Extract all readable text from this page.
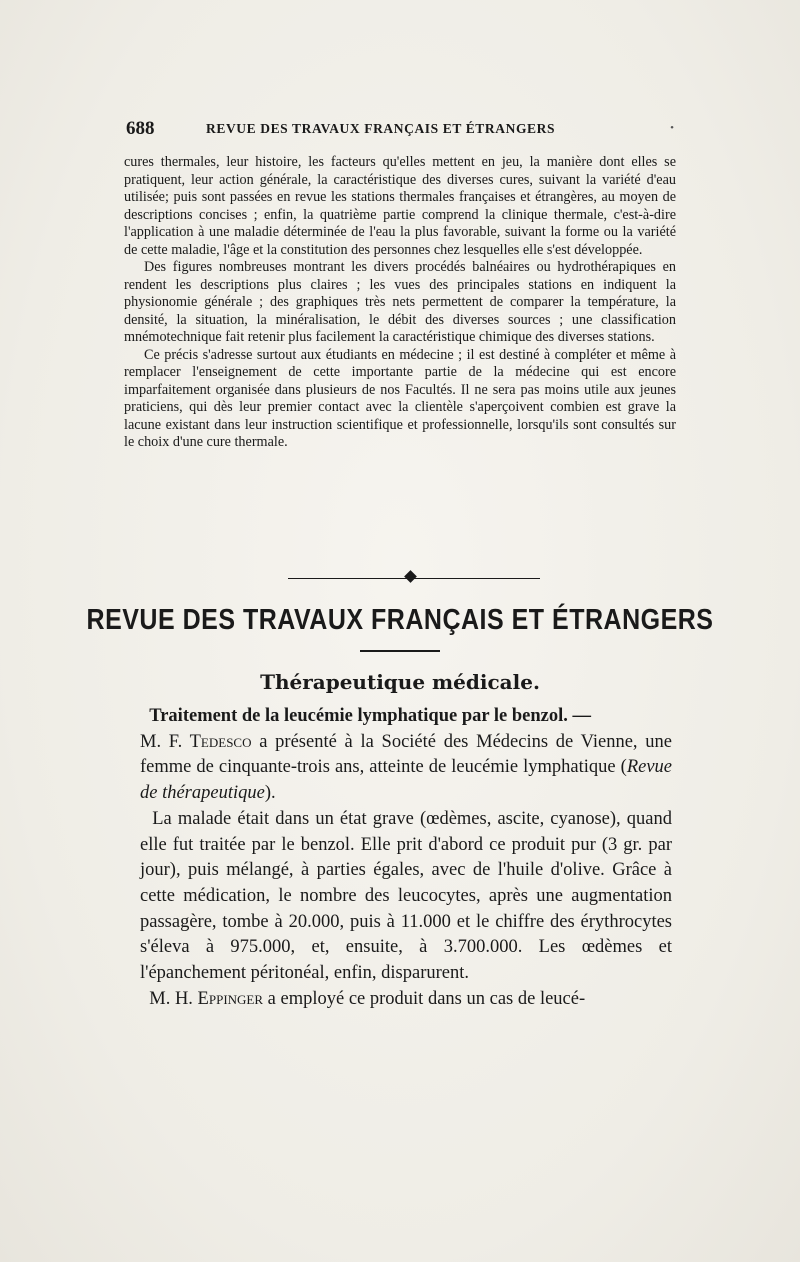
688	REVUE DES TRAVAUX FRANÇAIS ET ÉTRANGERS	•

cures thermales, leur histoire, les facteurs qu'elles mettent en jeu, la manière dont elles se pratiquent, leur action générale, la caractéristique des diverses cures, suivant la variété d'eau utilisée; puis sont passées en revue les stations thermales françaises et étrangères, au moyen de descriptions concises ; enfin, la quatrième partie comprend la clinique thermale, c'est-à-dire l'application à une maladie déterminée de l'eau la plus favorable, suivant la forme ou la variété de cette maladie, l'âge et la constitution des personnes chez lesquelles elle s'est développée.

Des figures nombreuses montrant les divers procédés balnéaires ou hydrothérapiques en rendent les descriptions plus claires ; les vues des principales stations en indiquent la physionomie générale ; des graphiques très nets permettent de comparer la température, la densité, la situation, la minéralisation, le débit des diverses sources ; une classification mnémotechnique fait retenir plus facilement la caractéristique chimique des diverses stations.

Ce précis s'adresse surtout aux étudiants en médecine ; il est destiné à compléter et même à remplacer l'enseignement de cette importante partie de la médecine qui est encore imparfaitement organisée dans plusieurs de nos Facultés. Il ne sera pas moins utile aux jeunes praticiens, qui dès leur premier contact avec la clientèle s'aperçoivent combien est grave la lacune existant dans leur instruction scientifique et professionnelle, lorsqu'ils sont consultés sur le choix d'une cure thermale.

REVUE DES TRAVAUX FRANÇAIS ET ÉTRANGERS
Thérapeutique médicale.

Traitement de la leucémie lymphatique par le benzol. —
M. F. Tedesco a présenté à la Société des Médecins de Vienne, une femme de cinquante-trois ans, atteinte de leucémie lymphatique (Revue de thérapeutique).

La malade était dans un état grave (œdèmes, ascite, cyanose), quand elle fut traitée par le benzol. Elle prit d'abord ce produit pur (3 gr. par jour), puis mélangé, à parties égales, avec de l'huile d'olive. Grâce à cette médication, le nombre des leucocytes, après une augmentation passagère, tombe à 20.000, puis à 11.000 et le chiffre des érythrocytes s'éleva à 975.000, et, ensuite, à 3.700.000. Les œdèmes et l'épanchement péritonéal, enfin, disparurent.

M. H. Eppinger a employé ce produit dans un cas de leucé-
